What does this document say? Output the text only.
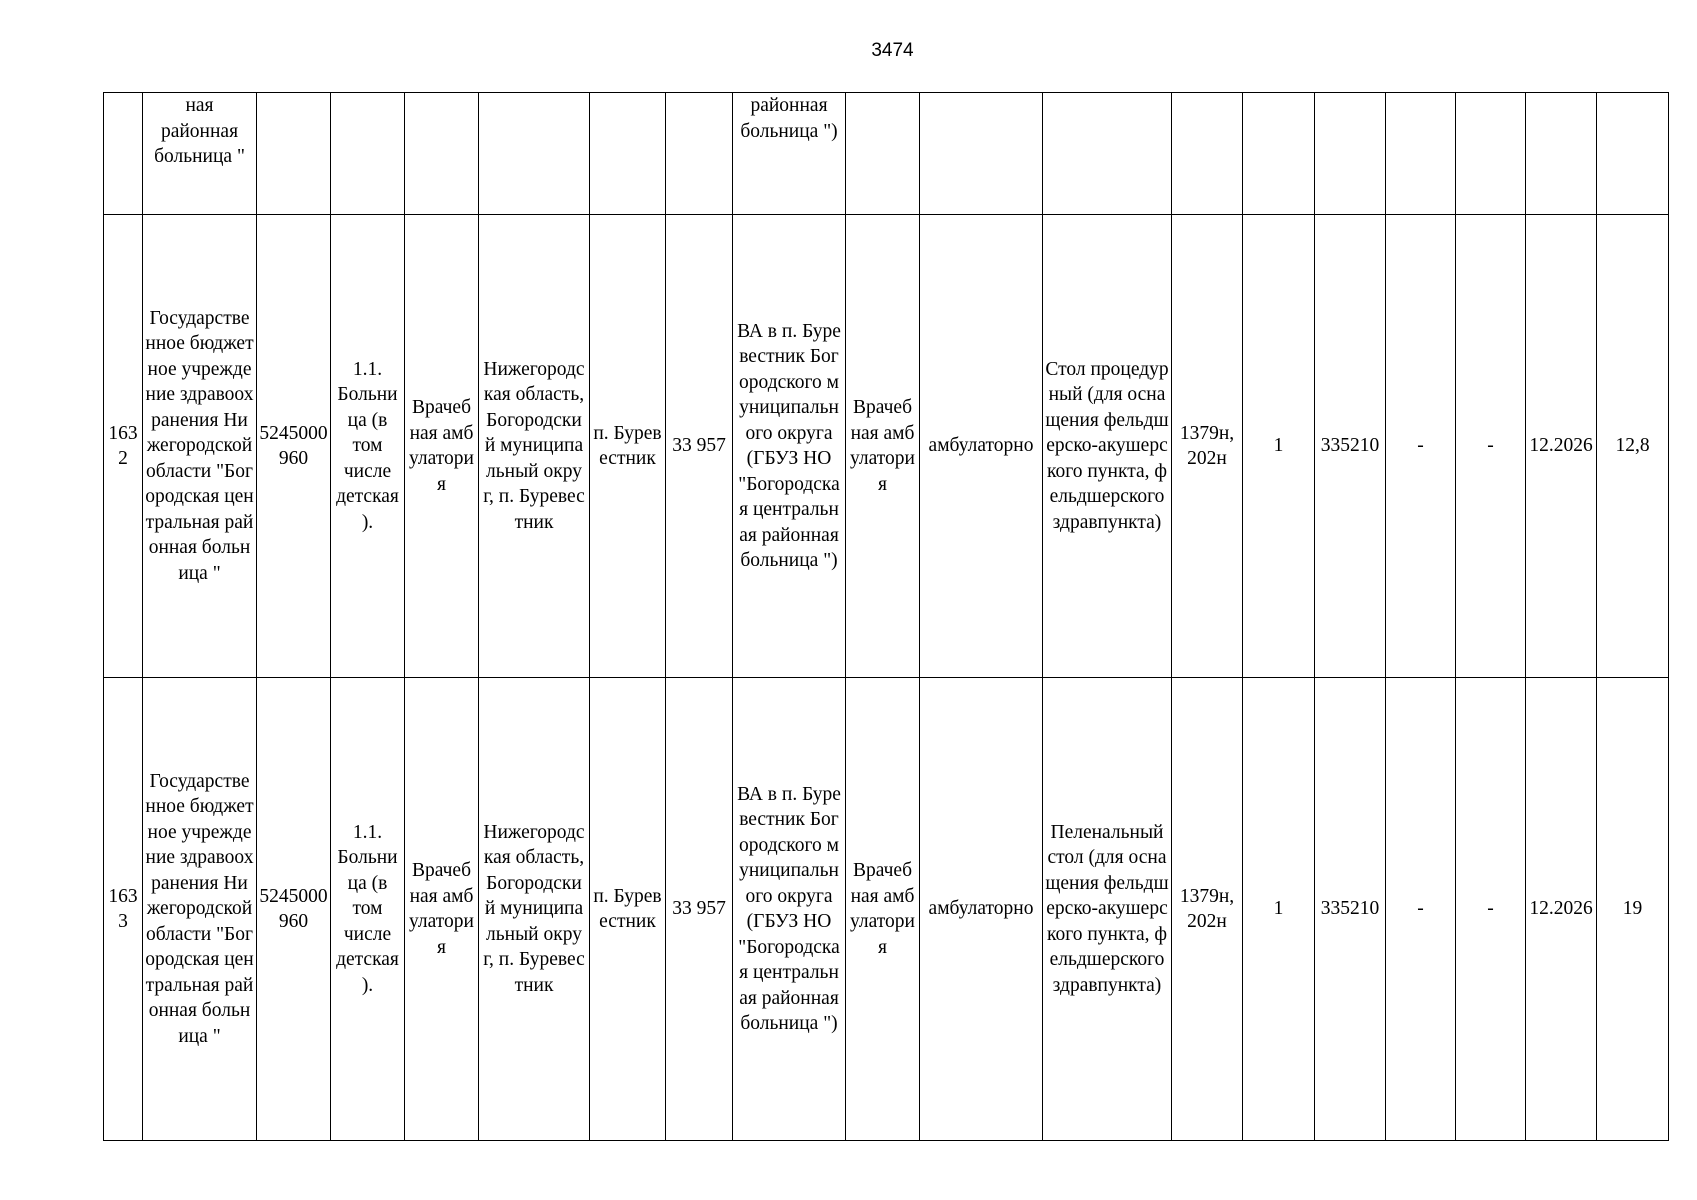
3474
	ная районная больница "							районная больница ")										
1632	Государственное бюджетное учреждение здравоохранения Нижегородской области "Богородская центральная районная больница "	5245000960	1.1. Больница (в том числе детская).	Врачебная амбулатория	Нижегородская область, Богородский муниципальный округ, п. Буревестник	п. Буревестник	33 957	ВА в п. Буревестник Богородского муниципального округа (ГБУЗ НО "Богородская центральная районная больница ")	Врачебная амбулатория	амбулаторно	Стол процедурный (для оснащения фельдшерско-акушерского пункта, фельдшерского здравпункта)	1379н, 202н	1	335210	-	-	12.2026	12,8
1633	Государственное бюджетное учреждение здравоохранения Нижегородской области "Богородская центральная районная больница "	5245000960	1.1. Больница (в том числе детская).	Врачебная амбулатория	Нижегородская область, Богородский муниципальный округ, п. Буревестник	п. Буревестник	33 957	ВА в п. Буревестник Богородского муниципального округа (ГБУЗ НО "Богородская центральная районная больница ")	Врачебная амбулатория	амбулаторно	Пеленальный стол (для оснащения фельдшерско-акушерского пункта, фельдшерского здравпункта)	1379н, 202н	1	335210	-	-	12.2026	19
